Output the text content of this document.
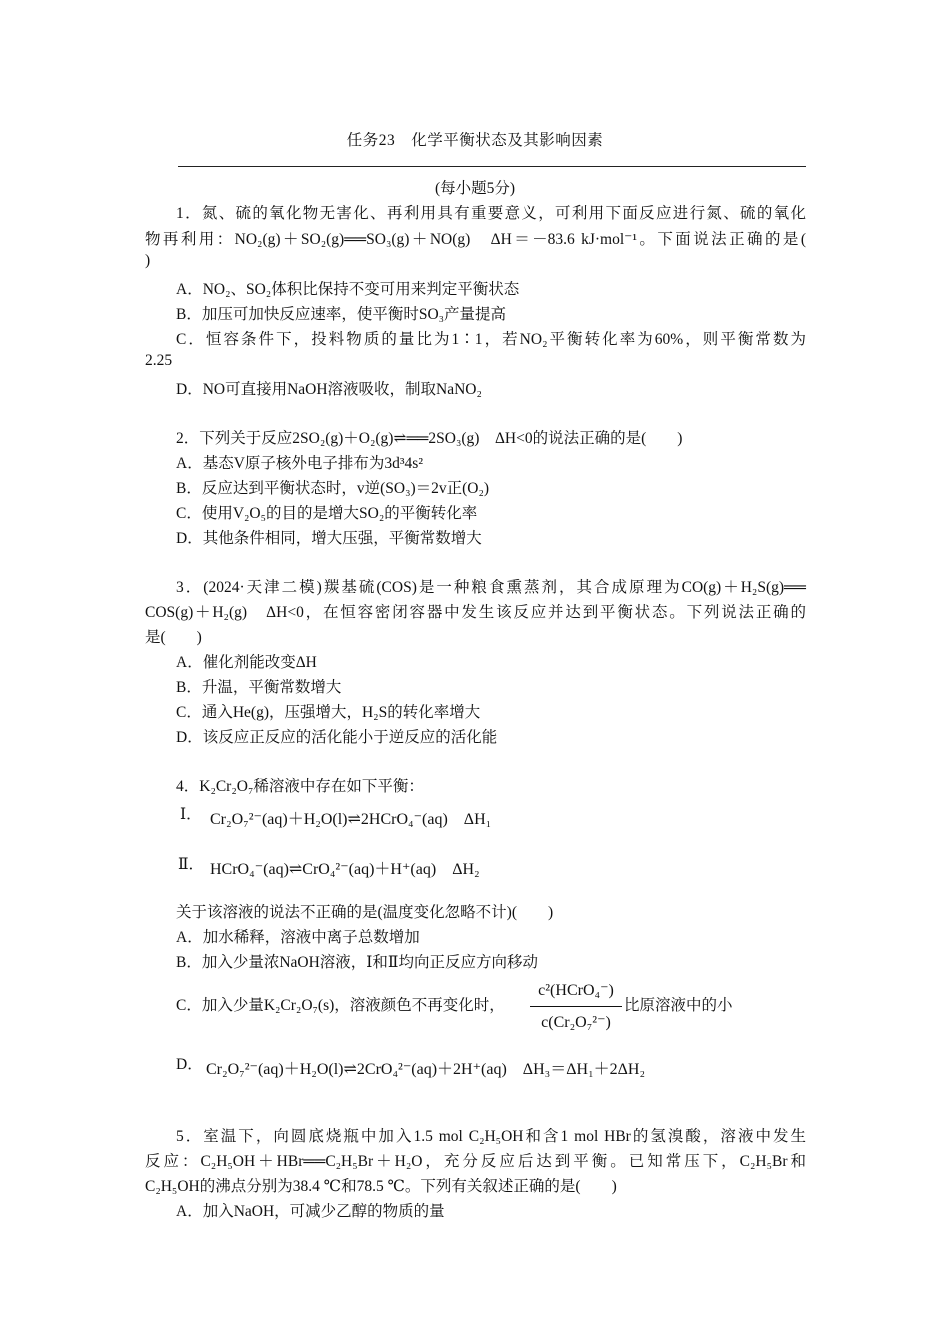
任务23　化学平衡状态及其影响因素
(每小题5分)
1．氮、硫的氧化物无害化、再利用具有重要意义，可利用下面反应进行氮、硫的氧化
物再利用：NO₂(g)＋SO₂(g)══SO₃(g)＋NO(g)　ΔH＝－83.6 kJ·mol⁻¹。下面说法正确的是(
)
A．NO₂、SO₂体积比保持不变可用来判定平衡状态
B．加压可加快反应速率，使平衡时SO₃产量提高
C．恒容条件下，投料物质的量比为1∶1，若NO₂平衡转化率为60%，则平衡常数为
2.25
D．NO可直接用NaOH溶液吸收，制取NaNO₂
2．下列关于反应2SO₂(g)＋O₂(g)⇌══2SO₃(g)　ΔH<0的说法正确的是(　　)
A．基态V原子核外电子排布为3d³4s²
B．反应达到平衡状态时，v逆(SO₃)＝2v正(O₂)
C．使用V₂O₅的目的是增大SO₂的平衡转化率
D．其他条件相同，增大压强，平衡常数增大
3．(2024·天津二模)羰基硫(COS)是一种粮食熏蒸剂，其合成原理为CO(g)＋H₂S(g)══
COS(g)＋H₂(g)　ΔH<0，在恒容密闭容器中发生该反应并达到平衡状态。下列说法正确的
是(　　)
A．催化剂能改变ΔH
B．升温，平衡常数增大
C．通入He(g)，压强增大，H₂S的转化率增大
D．该反应正反应的活化能小于逆反应的活化能
4．K₂Cr₂O₇稀溶液中存在如下平衡：
Ⅰ． Cr₂O₇²⁻(aq)＋H₂O(l)⇌2HCrO₄⁻(aq)　ΔH₁
Ⅱ． HCrO₄⁻(aq)⇌CrO₄²⁻(aq)＋H⁺(aq)　ΔH₂
关于该溶液的说法不正确的是(温度变化忽略不计)(　　)
A．加水稀释，溶液中离子总数增加
B．加入少量浓NaOH溶液，Ⅰ和Ⅱ均向正反应方向移动
C．加入少量K₂Cr₂O₇(s)，溶液颜色不再变化时，
c²(HCrO₄⁻)
c(Cr₂O₇²⁻)
比原溶液中的小
D． Cr₂O₇²⁻(aq)＋H₂O(l)⇌2CrO₄²⁻(aq)＋2H⁺(aq)　ΔH₃＝ΔH₁＋2ΔH₂
5．室温下，向圆底烧瓶中加入1.5 mol C₂H₅OH和含1 mol HBr的氢溴酸，溶液中发生
反应：C₂H₅OH＋HBr══C₂H₅Br＋H₂O，充分反应后达到平衡。已知常压下，C₂H₅Br和
C₂H₅OH的沸点分别为38.4 ℃和78.5 ℃。下列有关叙述正确的是(　　)
A．加入NaOH，可减少乙醇的物质的量
